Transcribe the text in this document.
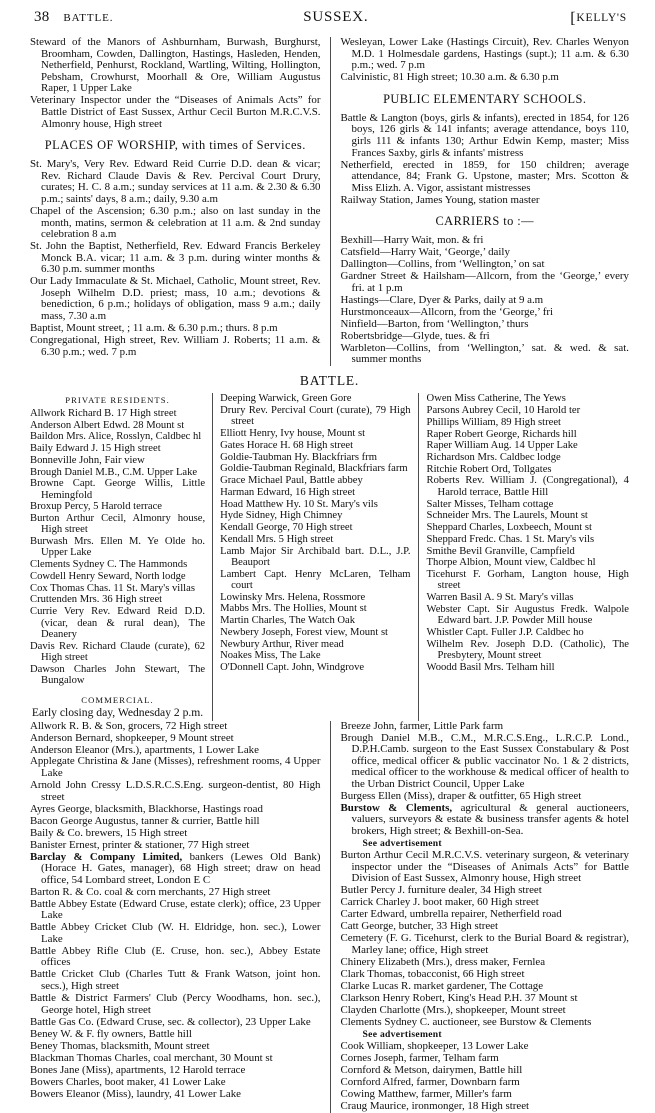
38 BATTLE.	SUSSEX.	[KELLY'S
Steward of the Manors of Ashburnham, Burwash, Burghurst, Broomham, Cowden, Dallington, Hastings, Hasleden, Henden, Netherfield, Penhurst, Rockland, Wartling, Wilting, Hollington, Pebsham, Crowhurst, Moorhall & Ore, William Augustus Raper, 1 Upper Lake
Veterinary Inspector under the “Diseases of Animals Acts” for Battle District of East Sussex, Arthur Cecil Burton M.R.C.V.S. Almonry house, High street
PLACES OF WORSHIP, with times of Services.
St. Mary's, Very Rev. Edward Reid Currie D.D. dean & vicar; Rev. Richard Claude Davis & Rev. Percival Court Drury, curates; H. C. 8 a.m.; sunday services at 11 a.m. & 2.30 & 6.30 p.m.; saints' days, 8 a.m.; daily, 9.30 a.m
Chapel of the Ascension; 6.30 p.m.; also on last sunday in the month, matins, sermon & celebration at 11 a.m. & 2nd sunday celebration 8 a.m
St. John the Baptist, Netherfield, Rev. Edward Francis Berkeley Monck B.A. vicar; 11 a.m. & 3 p.m. during winter months & 6.30 p.m. summer months
Our Lady Immaculate & St. Michael, Catholic, Mount street, Rev. Joseph Wilhelm D.D. priest; mass, 10 a.m.; devotions & benediction, 6 p.m.; holidays of obligation, mass 9 a.m.; daily mass, 7.30 a.m
Baptist, Mount street, ; 11 a.m. & 6.30 p.m.; thurs. 8 p.m
Congregational, High street, Rev. William J. Roberts; 11 a.m. & 6.30 p.m.; wed. 7 p.m
Wesleyan, Lower Lake (Hastings Circuit), Rev. Charles Wenyon M.D. 1 Holmesdale gardens, Hastings (supt.); 11 a.m. & 6.30 p.m.; wed. 7 p.m
Calvinistic, 81 High street; 10.30 a.m. & 6.30 p.m
PUBLIC ELEMENTARY SCHOOLS.
Battle & Langton (boys, girls & infants), erected in 1854, for 126 boys, 126 girls & 141 infants; average attendance, boys 110, girls 111 & infants 130; Arthur Edwin Kemp, master; Miss Frances Saxby, girls & infants' mistress
Netherfield, erected in 1859, for 150 children; average attendance, 84; Frank G. Upstone, master; Mrs. Scotton & Miss Elizh. A. Vigor, assistant mistresses
Railway Station, James Young, station master
CARRIERS to :—
Bexhill—Harry Wait, mon. & fri
Catsfield—Harry Wait, ‘George,’ daily
Dallington—Collins, from ‘Wellington,’ on sat
Gardner Street & Hailsham—Allcorn, from the ‘George,’ every fri. at 1 p.m
Hastings—Clare, Dyer & Parks, daily at 9 a.m
Hurstmonceaux—Allcorn, from the ‘George,’ fri
Ninfield—Barton, from ‘Wellington,’ thurs
Robertsbridge—Glyde, tues. & fri
Warbleton—Collins, from ‘Wellington,’ sat. & wed. & sat. summer months
BATTLE.
PRIVATE RESIDENTS.
Allwork Richard B. 17 High street
Anderson Albert Edwd. 28 Mount st
Baildon Mrs. Alice, Rosslyn, Caldbec hl
Baily Edward J. 15 High street
Bonneville John, Fair view
Brough Daniel M.B., C.M. Upper Lake
Browne Capt. George Willis, Little Hemingfold
Broxup Percy, 5 Harold terrace
Burton Arthur Cecil, Almonry house, High street
Burwash Mrs. Ellen M. Ye Olde ho. Upper Lake
Clements Sydney C. The Hammonds
Cowdell Henry Seward, North lodge
Cox Thomas Chas. 11 St. Mary's villas
Cruttenden Mrs. 36 High street
Currie Very Rev. Edward Reid D.D. (vicar, dean & rural dean), The Deanery
Davis Rev. Richard Claude (curate), 62 High street
Dawson Charles John Stewart, The Bungalow
COMMERCIAL.
Early closing day, Wednesday 2 p.m.
Deeping Warwick, Green Gore
Drury Rev. Percival Court (curate), 79 High street
Elliott Henry, Ivy house, Mount st
Gates Horace H. 68 High street
Goldie-Taubman Hy. Blackfriars frm
Goldie-Taubman Reginald, Blackfriars farm
Grace Michael Paul, Battle abbey
Harman Edward, 16 High street
Hoad Matthew Hy. 10 St. Mary's vils
Hyde Sidney, High Chimney
Kendall George, 70 High street
Kendall Mrs. 5 High street
Lamb Major Sir Archibald bart. D.L., J.P. Beauport
Lambert Capt. Henry McLaren, Telham court
Lowinsky Mrs. Helena, Rossmore
Mabbs Mrs. The Hollies, Mount st
Martin Charles, The Watch Oak
Newbery Joseph, Forest view, Mount st
Newbury Arthur, River mead
Noakes Miss, The Lake
O'Donnell Capt. John, Windgrove
Owen Miss Catherine, The Yews
Parsons Aubrey Cecil, 10 Harold ter
Phillips William, 89 High street
Raper Robert George, Richards hill
Raper William Aug. 14 Upper Lake
Richardson Mrs. Caldbec lodge
Ritchie Robert Ord, Tollgates
Roberts Rev. William J. (Congregational), 4 Harold terrace, Battle Hill
Salter Misses, Telham cottage
Schneider Mrs. The Laurels, Mount st
Sheppard Charles, Loxbeech, Mount st
Sheppard Fredc. Chas. 1 St. Mary's vils
Smithe Bevil Granville, Campfield
Thorpe Albion, Mount view, Caldbec hl
Ticehurst F. Gorham, Langton house, High street
Warren Basil A. 9 St. Mary's villas
Webster Capt. Sir Augustus Fredk. Walpole Edward bart. J.P. Powder Mill house
Whistler Capt. Fuller J.P. Caldbec ho
Wilhelm Rev. Joseph D.D. (Catholic), The Presbytery, Mount street
Woodd Basil Mrs. Telham hill
Allwork R. B. & Son, grocers, 72 High street
Anderson Bernard, shopkeeper, 9 Mount street
Anderson Eleanor (Mrs.), apartments, 1 Lower Lake
Applegate Christina & Jane (Misses), refreshment rooms, 4 Upper Lake
Arnold John Cressy L.D.S.R.C.S.Eng. surgeon-dentist, 80 High street
Ayres George, blacksmith, Blackhorse, Hastings road
Bacon George Augustus, tanner & currier, Battle hill
Baily & Co. brewers, 15 High street
Banister Ernest, printer & stationer, 77 High street
Barclay & Company Limited, bankers (Lewes Old Bank) (Horace H. Gates, manager), 68 High street; draw on head office, 54 Lombard street, London E C
Barton R. & Co. coal & corn merchants, 27 High street
Battle Abbey Estate (Edward Cruse, estate clerk); office, 23 Upper Lake
Battle Abbey Cricket Club (W. H. Eldridge, hon. sec.), Lower Lake
Battle Abbey Rifle Club (E. Cruse, hon. sec.), Abbey Estate offices
Battle Cricket Club (Charles Tutt & Frank Watson, joint hon. secs.), High street
Battle & District Farmers' Club (Percy Woodhams, hon. sec.), George hotel, High street
Battle Gas Co. (Edward Cruse, sec. & collector), 23 Upper Lake
Beney W. & F. fly owners, Battle hill
Beney Thomas, blacksmith, Mount street
Blackman Thomas Charles, coal merchant, 30 Mount st
Bones Jane (Miss), apartments, 12 Harold terrace
Bowers Charles, boot maker, 41 Lower Lake
Bowers Eleanor (Miss), laundry, 41 Lower Lake
Breeze John, farmer, Little Park farm
Brough Daniel M.B., C.M., M.R.C.S.Eng., L.R.C.P. Lond., D.P.H.Camb. surgeon to the East Sussex Constabulary & Post office, medical officer & public vaccinator No. 1 & 2 districts, medical officer to the workhouse & medical officer of health to the Urban District Council, Upper Lake
Burgess Ellen (Miss), draper & outfitter, 65 High street
Burstow & Clements, agricultural & general auctioneers, valuers, surveyors & estate & business transfer agents & hotel brokers, High street; & Bexhill-on-Sea.
See advertisement
Burton Arthur Cecil M.R.C.V.S. veterinary surgeon, & veterinary inspector under the “Diseases of Animals Acts” for Battle Division of East Sussex, Almonry house, High street
Butler Percy J. furniture dealer, 34 High street
Carrick Charley J. boot maker, 60 High street
Carter Edward, umbrella repairer, Netherfield road
Catt George, butcher, 33 High street
Cemetery (F. G. Ticehurst, clerk to the Burial Board & registrar), Marley lane; office, High street
Chinery Elizabeth (Mrs.), dress maker, Fernlea
Clark Thomas, tobacconist, 66 High street
Clarke Lucas R. market gardener, The Cottage
Clarkson Henry Robert, King's Head P.H. 37 Mount st
Clayden Charlotte (Mrs.), shopkeeper, Mount street
Clements Sydney C. auctioneer, see Burstow & Clements
See advertisement
Cook William, shopkeeper, 13 Lower Lake
Cornes Joseph, farmer, Telham farm
Cornford & Metson, dairymen, Battle hill
Cornford Alfred, farmer, Downbarn farm
Cowing Matthew, farmer, Miller's farm
Craug Maurice, ironmonger, 18 High street
